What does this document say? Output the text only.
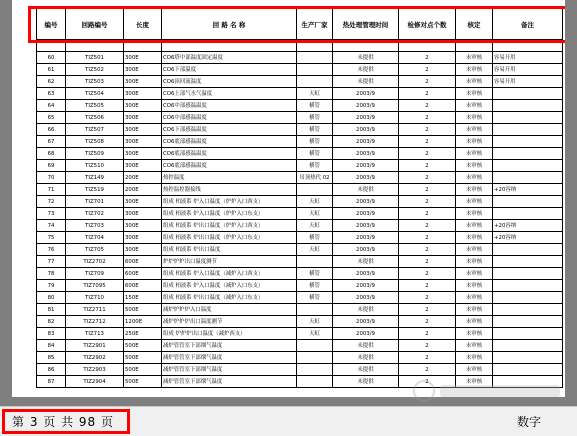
编号	回路编号	长度	回 路 名 称	生产厂家	热处理管理时间	检修对点个数	核定	备注

60	TIZ501	300E	CO6塔中部温度固定温度		未提供	2	未审核	容易开用
61	TIZ502	300E	CO6下部温度		未提供	2	未审核	容易开用
62	TIZ503	300E	CO6顶回流温度		未提供	2	未审核	容易开用
63	TIZ504	300E	CO6上部气水气温度	天虹	2003/9	2	未审核	
64	TIZ505	300E	CO6中部感温温度	横管	2003/9	2	未审核	
65	TIZ506	300E	CO6中部感温温度	横管	2003/9	2	未审核	
66	TIZ507	300E	CO6下部感温温度	横管	2003/9	2	未审核	
67	TIZ508	300E	CO6底部感温温度	横管	2003/9	2	未审核	
68	TIZ509	300E	CO6底部感温温度	横管	2003/9	2	未审核	
69	TIZ510	300E	CO6底部感温温度	横管	2003/9	2	未审核	
70	TIZ149	200E	热控温度	吊顶热代 02	2003/9	2	未审核	
71	TIZ519	200E	热控温控器接线		未提供	2	未审核	+20容纳
72	TIZ701	300E	组成 柏液系 炉入口温度（炉炉入口西支）	天虹	2003/9	2	未审核	
73	TIZ702	300E	组成 柏液系 炉入口温度（炉炉入口东支）	天虹	2003/9	2	未审核	
74	TIZ703	300E	组成 柏液系 炉出口温度（炉炉入口西支）	天虹	2003/9	2	未审核	+20容纳
75	TIZ704	300E	组成 柏液系 炉出口温度（炉炉入口东支）	横管	2003/9	2	未审核	+20容纳
76	TIZ705	300E	组成 柏液系 炉出口温度	天虹	2003/9	2	未审核	
77	TIZ2702	600E	炉炉炉炉出口温度测节		未提供	2	未审核	
78	TIZ709	600E	组成 柏液系 炉入口温度（减炉入口西支）	横管	2003/9	2	未审核	
79	TIZ7095	600E	组成 柏液系 炉入口温度（减炉入口东支）	横管	2003/9	2	未审核	
80	TIZ710	150E	组成 柏液系 炉出口温度（减炉入口东支）	横管	2003/9	2	未审核	
81	TIZ2711	500E	减炉炉炉炉入口温度		未提供	2	未审核	
82	TIZ2712	1200E	减炉炉炉炉出口温度测节	天虹	2003/9	2	未审核	
83	TIZ713	250E	组成 炉炉炉出口温度（减炉西支）	天虹	2003/9	2	未审核	
84	TIZ2901	500E	减炉管管室下部烟气温度		未提供	2	未审核	
85	TIZ2902	500E	减炉管管室下部烟气温度		未提供	2	未审核	
86	TIZ2903	500E	减炉管管室下部烟气温度		未提供	2	未审核	
87	TIZ2904	500E	减炉管管室下部烟气温度		未提供	2	未审核	
第 3 页 共 98 页	数字
